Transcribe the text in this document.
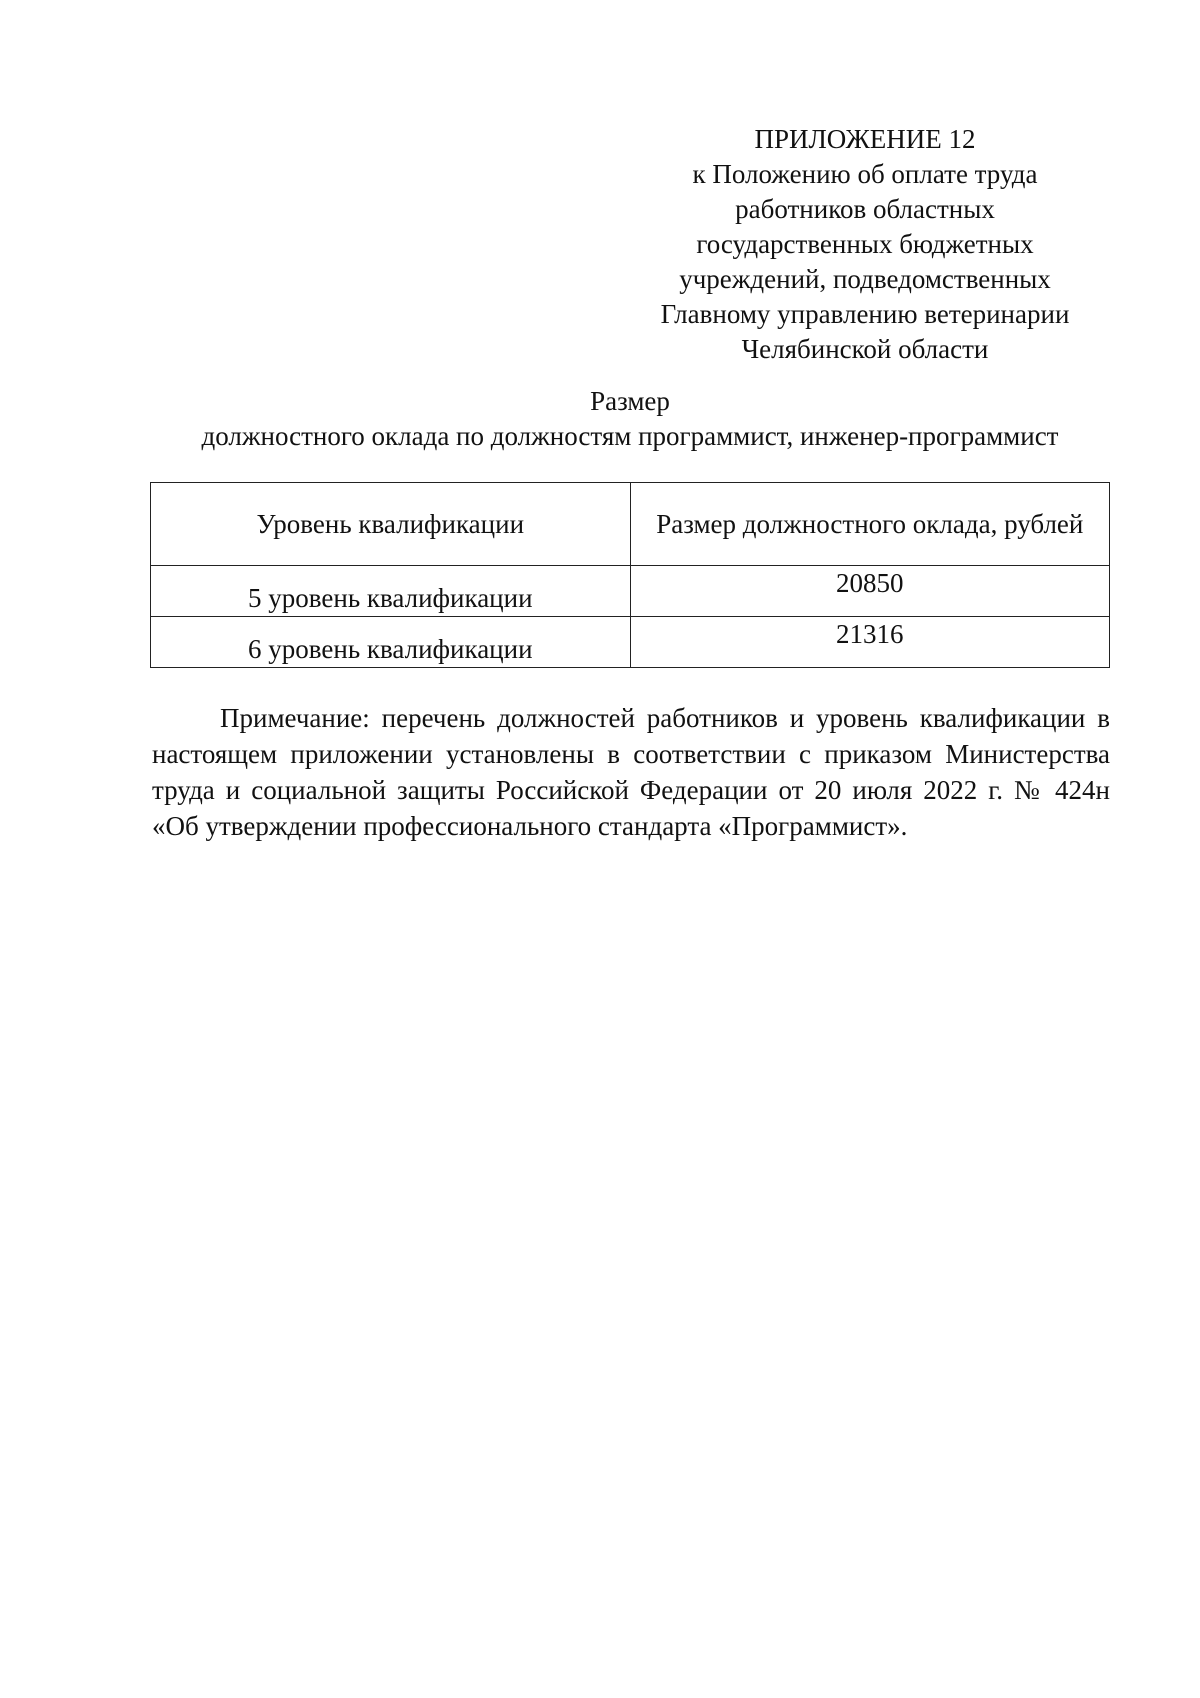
ПРИЛОЖЕНИЕ 12
к Положению об оплате труда
работников областных
государственных бюджетных
учреждений, подведомственных
Главному управлению ветеринарии
Челябинской области
Размер
должностного оклада по должностям программист, инженер-программист
Уровень квалификации	Размер должностного оклада, рублей
5 уровень квалификации	20850
6 уровень квалификации	21316
Примечание: перечень должностей работников и уровень квалификации в
настоящем приложении установлены в соответствии с приказом Министерства
труда и социальной защиты Российской Федерации от 20 июля 2022 г. № 424н
«Об утверждении профессионального стандарта «Программист».
